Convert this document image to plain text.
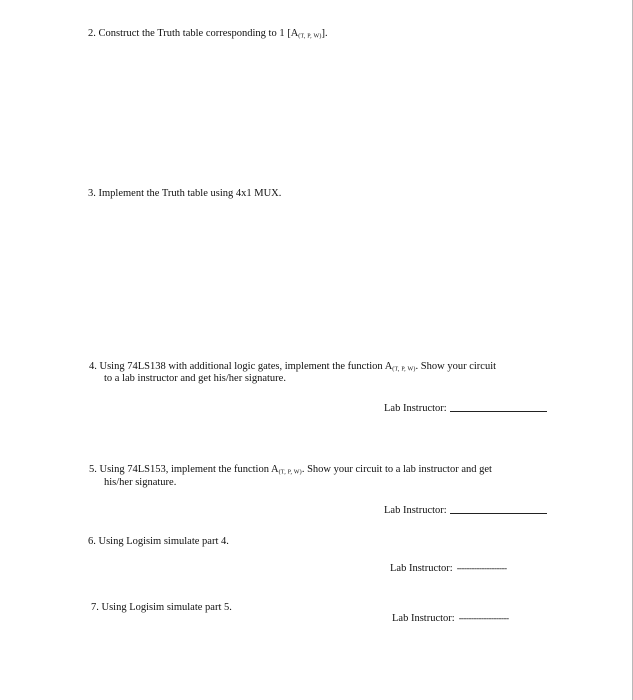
2. Construct the Truth table corresponding to 1 $[A_{(T, P, W)}]$.
3. Implement the Truth table using 4x1 MUX.
4. Using 74LS138 with additional logic gates, implement the function $A_{(T, P, W)}$. Show your circuit
to a lab instructor and get his/her signature.
Lab Instructor:
5. Using 74LS153, implement the function $A_{(T, P, W)}$. Show your circuit to a lab instructor and get
his/her signature.
Lab Instructor:
6. Using Logisim simulate part 4.
Lab Instructor: --------------------
7. Using Logisim simulate part 5.
Lab Instructor: --------------------
